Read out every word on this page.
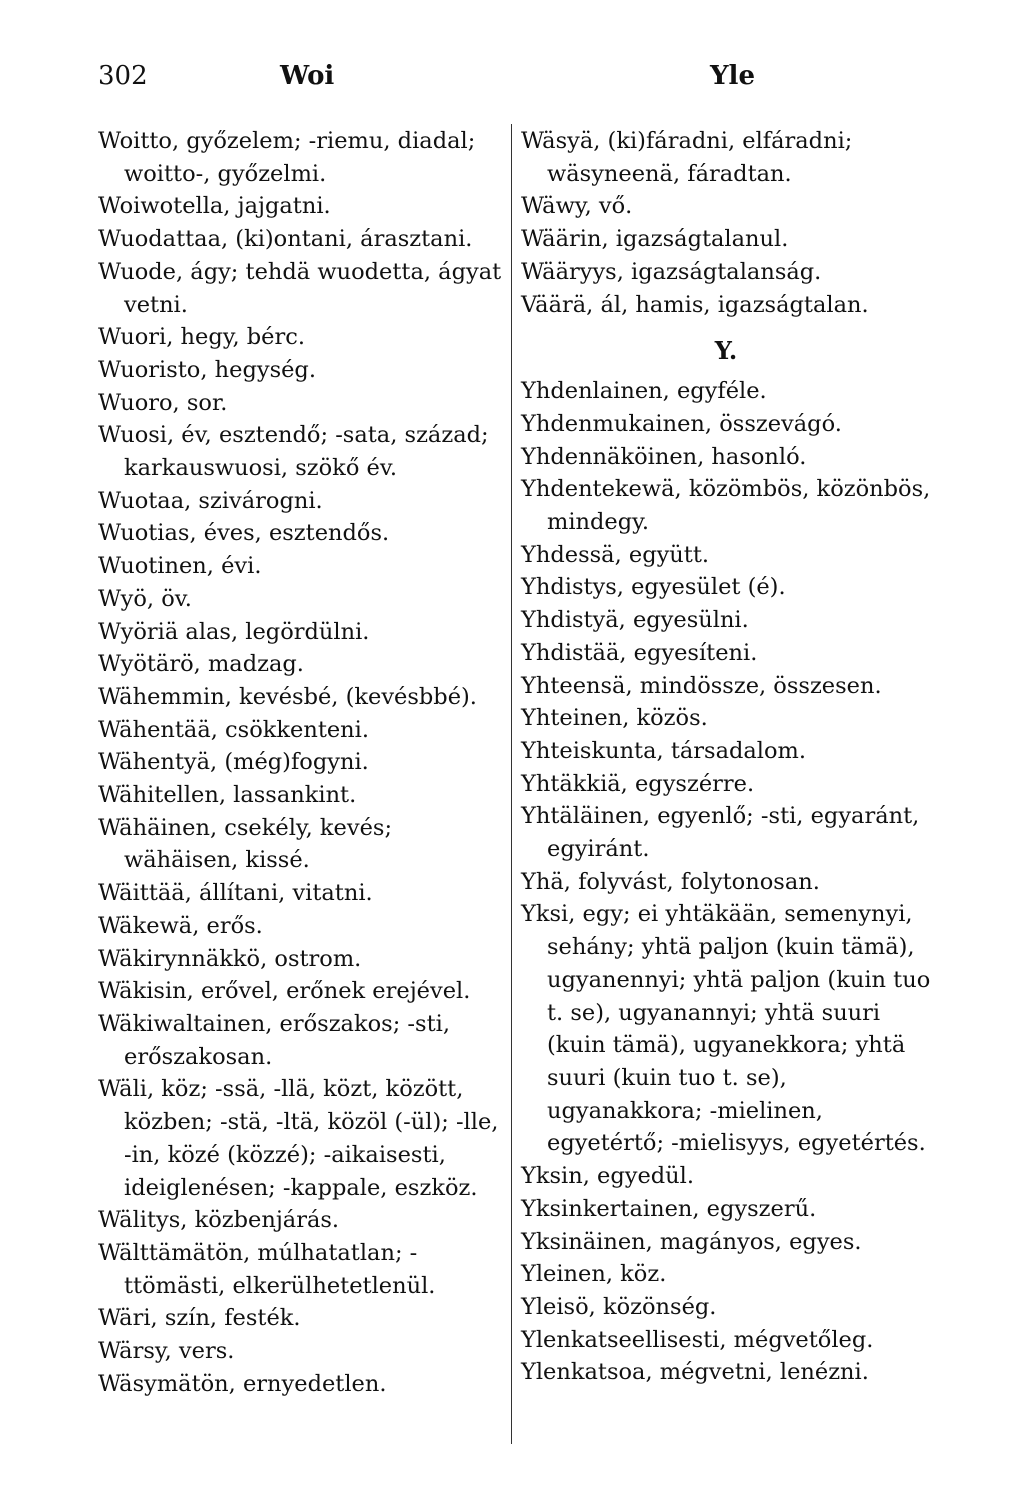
302	Woi	Yle

Woitto, győzelem; -riemu, diadal; woitto-, győzelmi.

Woiwotella, jajgatni.

Wuodattaa, (ki)ontani, árasztani.

Wuode, ágy; tehdä wuodetta, ágyat vetni.

Wuori, hegy, bérc.

Wuoristo, hegység.

Wuoro, sor.

Wuosi, év, esztendő; -sata, század; karkauswuosi, szökő év.

Wuotaa, szivárogni.

Wuotias, éves, esztendős.

Wuotinen, évi.

Wyö, öv.

Wyöriä alas, legördülni.

Wyötärö, madzag.

Wähemmin, kevésbé, (kevésbbé).

Wähentää, csökkenteni.

Wähentyä, (még)fogyni.

Wähitellen, lassankint.

Wähäinen, csekély, kevés; wähäisen, kissé.

Wäittää, állítani, vitatni.

Wäkewä, erős.

Wäkirynnäkkö, ostrom.

Wäkisin, erővel, erőnek erejével.

Wäkiwaltainen, erőszakos; -sti, erőszakosan.

Wäli, köz; -ssä, -llä, közt, között, közben; -stä, -ltä, közöl (-ül); -lle, -in, közé (közzé); -aikaisesti, ideiglenésen; -kappale, eszköz.

Wälitys, közbenjárás.

Wälttämätön, múlhatatlan; -ttömästi, elkerülhetetlenül.

Wäri, szín, festék.

Wärsy, vers.

Wäsymätön, ernyedetlen.

Wäsyä, (ki)fáradni, elfáradni; wäsyneenä, fáradtan.

Wäwy, vő.

Wäärin, igazságtalanul.

Wääryys, igazságtalanság.

Väärä, ál, hamis, igazságtalan.

Y.

Yhdenlainen, egyféle.

Yhdenmukainen, összevágó.

Yhdennäköinen, hasonló.

Yhdentekewä, közömbös, közönbös, mindegy.

Yhdessä, együtt.

Yhdistys, egyesület (é).

Yhdistyä, egyesülni.

Yhdistää, egyesíteni.

Yhteensä, mindössze, összesen.

Yhteinen, közös.

Yhteiskunta, társadalom.

Yhtäkkiä, egyszérre.

Yhtäläinen, egyenlő; -sti, egyaránt, egyiránt.

Yhä, folyvást, folytonosan.

Yksi, egy; ei yhtäkään, semenynyi, sehány; yhtä paljon (kuin tämä), ugyanennyi; yhtä paljon (kuin tuo t. se), ugyanannyi; yhtä suuri (kuin tämä), ugyanekkora; yhtä suuri (kuin tuo t. se), ugyanakkora; -mielinen, egyetértő; -mielisyys, egyetértés.

Yksin, egyedül.

Yksinkertainen, egyszerű.

Yksinäinen, magányos, egyes.

Yleinen, köz.

Yleisö, közönség.

Ylenkatseellisesti, mégvetőleg.

Ylenkatsoa, mégvetni, lenézni.
